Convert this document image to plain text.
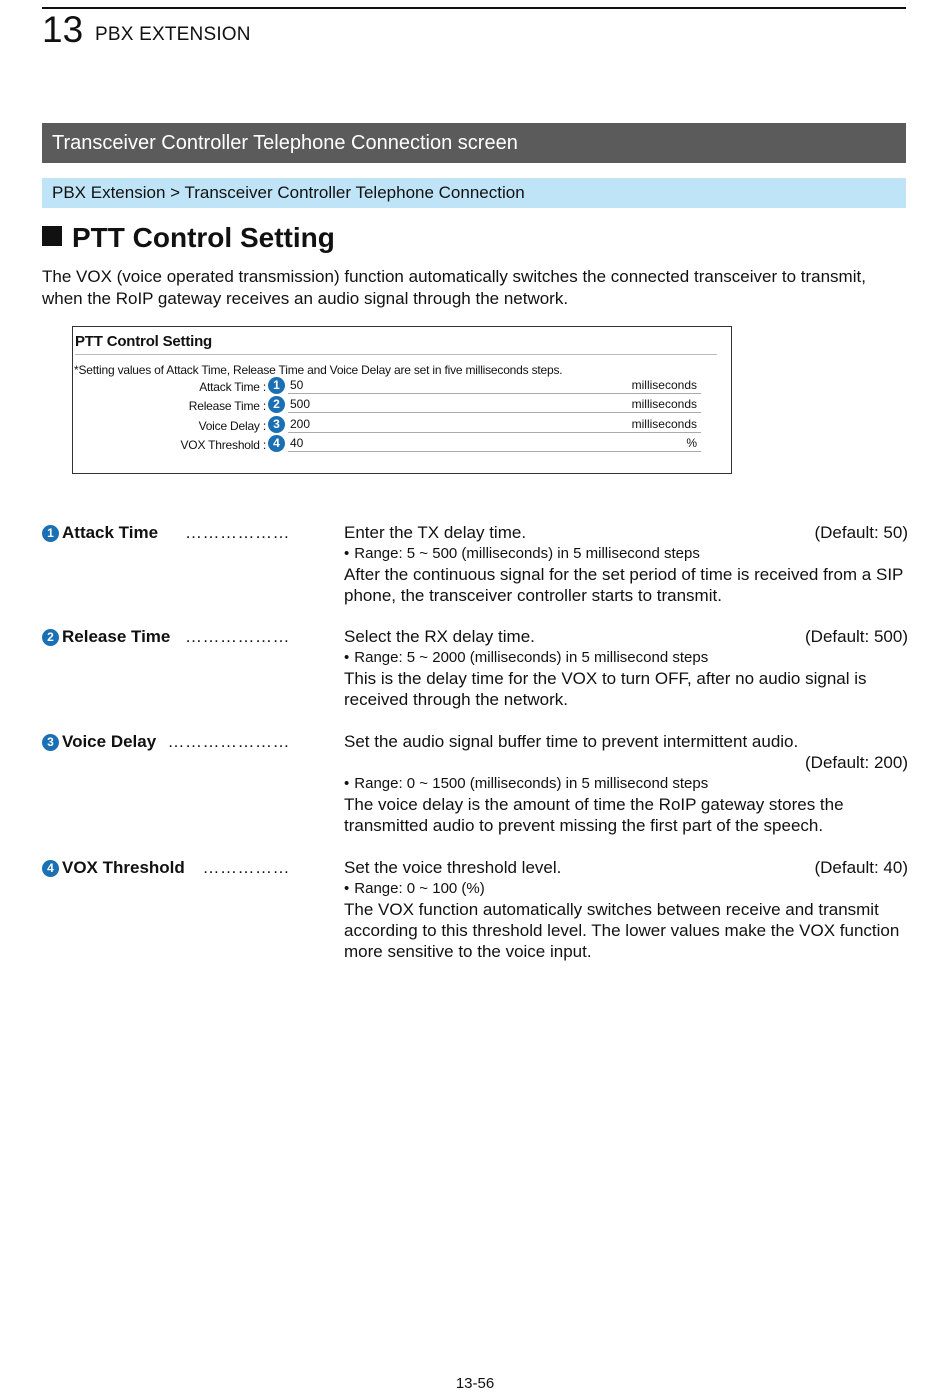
13 PBX EXTENSION
Transceiver Controller Telephone Connection screen
PBX Extension > Transceiver Controller Telephone Connection
PTT Control Setting
The VOX (voice operated transmission) function automatically switches the connected transceiver to transmit, when the RoIP gateway receives an audio signal through the network.
PTT Control Setting
*Setting values of Attack Time, Release Time and Voice Delay are set in five milliseconds steps.
Attack Time : 1 50	milliseconds
Release Time : 2 500	milliseconds
Voice Delay : 3 200	milliseconds
VOX Threshold : 4 40	%
1 Attack Time ………………	Enter the TX delay time.	(Default: 50)
• Range: 5 ~ 500 (milliseconds) in 5 millisecond steps
After the continuous signal for the set period of time is received from a SIP phone, the transceiver controller starts to transmit.
2 Release Time ………………	Select the RX delay time.	(Default: 500)
• Range: 5 ~ 2000 (milliseconds) in 5 millisecond steps
This is the delay time for the VOX to turn OFF, after no audio signal is received through the network.
3 Voice Delay …………………	Set the audio signal buffer time to prevent intermittent audio.
(Default: 200)
• Range: 0 ~ 1500 (milliseconds) in 5 millisecond steps
The voice delay is the amount of time the RoIP gateway stores the transmitted audio to prevent missing the first part of the speech.
4 VOX Threshold ……………	Set the voice threshold level.	(Default: 40)
• Range: 0 ~ 100 (%)
The VOX function automatically switches between receive and transmit according to this threshold level. The lower values make the VOX function more sensitive to the voice input.
13-56
